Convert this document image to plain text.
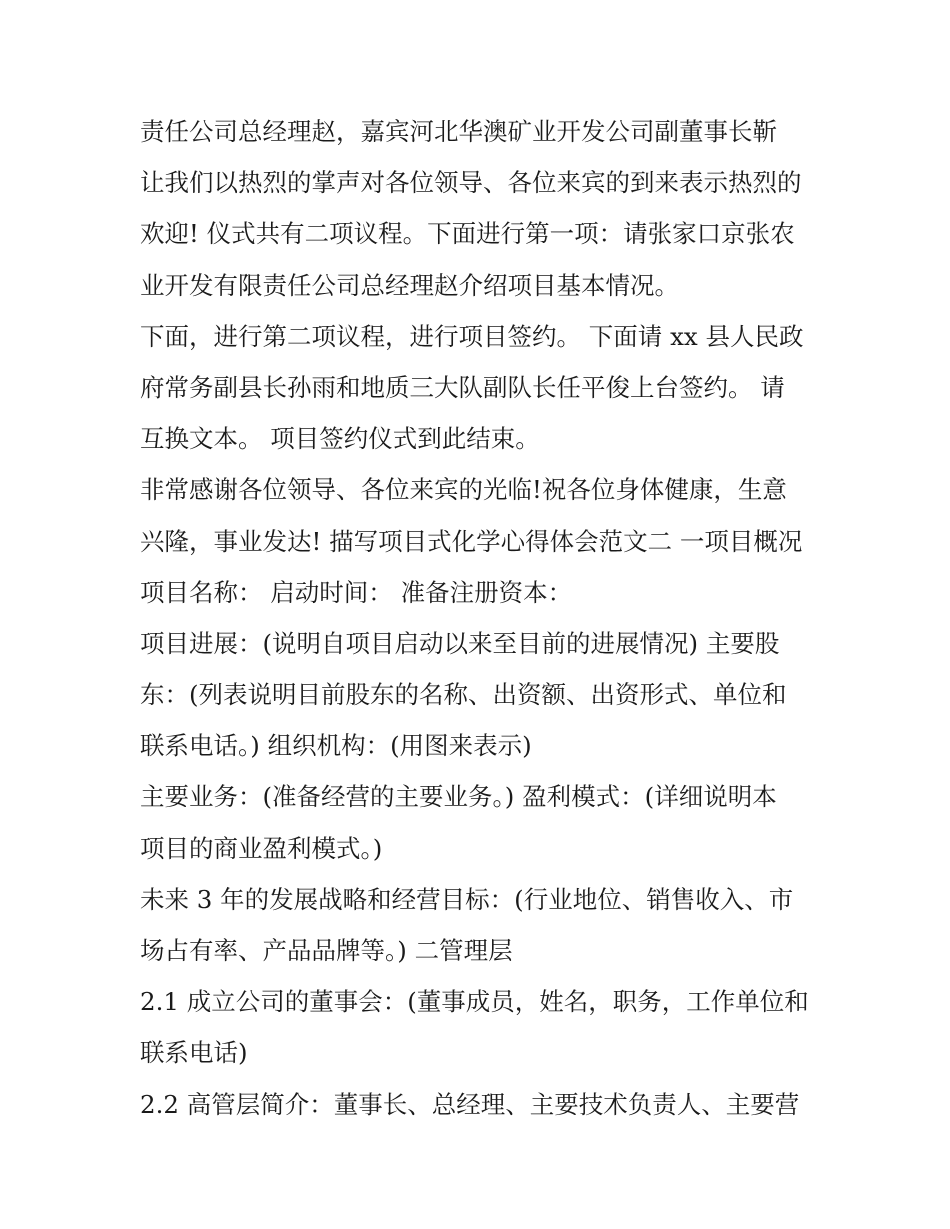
责任公司总经理赵，嘉宾河北华澳矿业开发公司副董事长靳
让我们以热烈的掌声对各位领导、各位来宾的到来表示热烈的
欢迎! 仪式共有二项议程。下面进行第一项：请张家口京张农
业开发有限责任公司总经理赵介绍项目基本情况。
下面，进行第二项议程，进行项目签约。 下面请 xx 县人民政
府常务副县长孙雨和地质三大队副队长任平俊上台签约。 请
互换文本。 项目签约仪式到此结束。
非常感谢各位领导、各位来宾的光临!祝各位身体健康，生意
兴隆，事业发达! 描写项目式化学心得体会范文二 一项目概况
项目名称： 启动时间： 准备注册资本：
项目进展：(说明自项目启动以来至目前的进展情况) 主要股
东：(列表说明目前股东的名称、出资额、出资形式、单位和
联系电话。) 组织机构：(用图来表示)
主要业务：(准备经营的主要业务。) 盈利模式：(详细说明本
项目的商业盈利模式。)
未来 3 年的发展战略和经营目标：(行业地位、销售收入、市
场占有率、产品品牌等。) 二管理层
2.1 成立公司的董事会：(董事成员，姓名，职务，工作单位和
联系电话)
2.2 高管层简介：董事长、总经理、主要技术负责人、主要营
